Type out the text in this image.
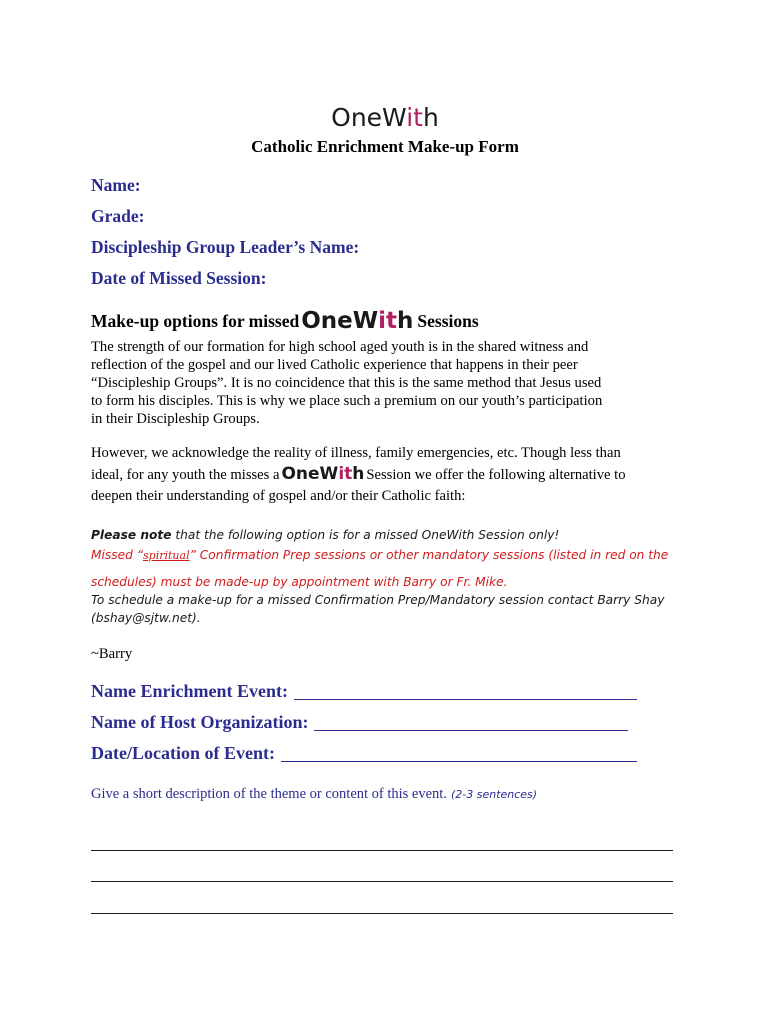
OneWith
Catholic Enrichment Make-up Form
Name:
Grade:
Discipleship Group Leader’s Name:
Date of Missed Session:
Make-up options for missedOneWith Sessions
The strength of our formation for high school aged youth is in the shared witness and
reflection of the gospel and our lived Catholic experience that happens in their peer
“Discipleship Groups”. It is no coincidence that this is the same method that Jesus used
to form his disciples. This is why we place such a premium on our youth’s participation
in their Discipleship Groups.
However, we acknowledge the reality of illness, family emergencies, etc. Though less than
ideal, for any youth the misses a OneWith Session we offer the following alternative to
deepen their understanding of gospel and/or their Catholic faith:
Please note that the following option is for a missed OneWith Session only!
Missed “spiritual” Confirmation Prep sessions or other mandatory sessions (listed in red on the
schedules) must be made-up by appointment with Barry or Fr. Mike.
To schedule a make-up for a missed Confirmation Prep/Mandatory session contact Barry Shay
(bshay@sjtw.net).
~Barry
Name Enrichment Event:
Name of Host Organization:
Date/Location of Event:
Give a short description of the theme or content of this event. (2-3 sentences)
